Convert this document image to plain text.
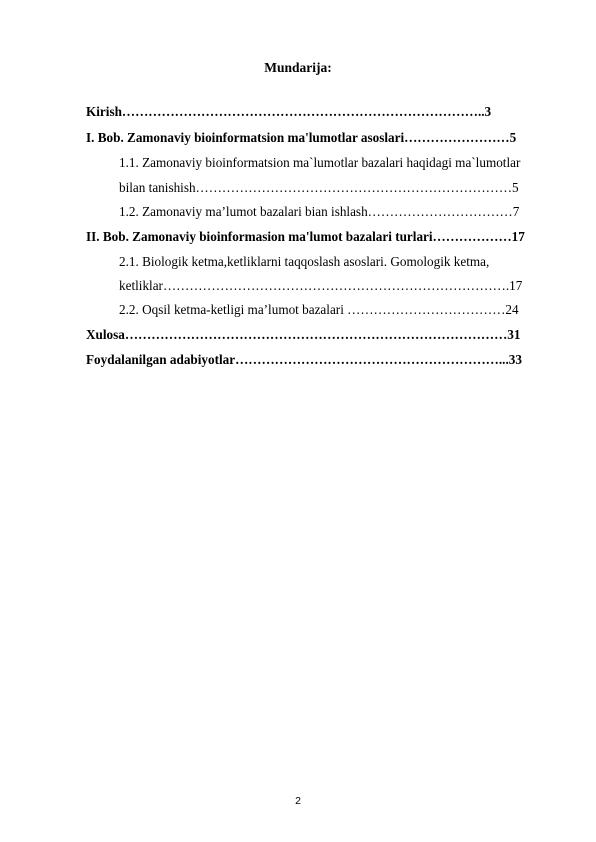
Mundarija:
Kirish………………………………………………………………………..3
I. Bob. Zamonaviy bioinformatsion ma'lumotlar asoslari……………………5
1.1. Zamonaviy bioinformatsion ma`lumotlar bazalari haqidagi ma`lumotlar
bilan tanishish………………………………………………………………5
1.2. Zamonaviy ma’lumot bazalari bian ishlash……………………………7
II. Bob. Zamonaviy bioinformasion ma'lumot bazalari turlari………………17
2.1. Biologik ketma,ketliklarni taqqoslash asoslari. Gomologik ketma,
ketliklar…………………………………………………………………….17
2.2. Oqsil ketma-ketligi ma’lumot bazalari ………………………………24
Xulosa……………………………………………………………………………31
Foydalanilgan adabiyotlar……………………………………………………...33
2
